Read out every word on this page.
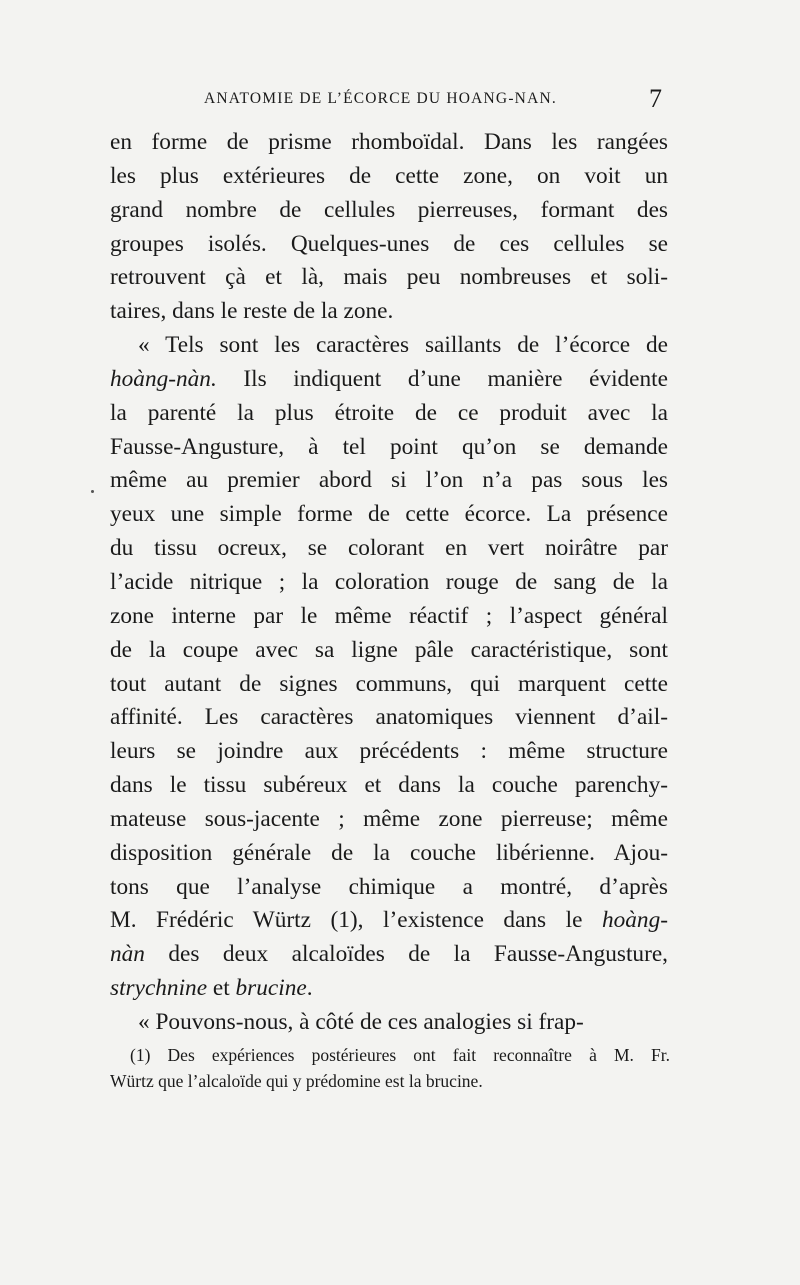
ANATOMIE DE L’ÉCORCE DU HOANG-NAN.	7
en forme de prisme rhomboïdal. Dans les rangées
les plus extérieures de cette zone, on voit un
grand nombre de cellules pierreuses, formant des
groupes isolés. Quelques-unes de ces cellules se
retrouvent çà et là, mais peu nombreuses et soli-
taires, dans le reste de la zone.
« Tels sont les caractères saillants de l’écorce de
hoàng-nàn. Ils indiquent d’une manière évidente
la parenté la plus étroite de ce produit avec la
Fausse-Angusture, à tel point qu’on se demande
même au premier abord si l’on n’a pas sous les
yeux une simple forme de cette écorce. La présence
du tissu ocreux, se colorant en vert noirâtre par
l’acide nitrique ; la coloration rouge de sang de la
zone interne par le même réactif ; l’aspect général
de la coupe avec sa ligne pâle caractéristique, sont
tout autant de signes communs, qui marquent cette
affinité. Les caractères anatomiques viennent d’ail-
leurs se joindre aux précédents : même structure
dans le tissu subéreux et dans la couche parenchy-
mateuse sous-jacente ; même zone pierreuse; même
disposition générale de la couche libérienne. Ajou-
tons que l’analyse chimique a montré, d’après
M. Frédéric Würtz (1), l’existence dans le hoàng-
nàn des deux alcaloïdes de la Fausse-Angusture,
strychnine et brucine.
« Pouvons-nous, à côté de ces analogies si frap-
(1) Des expériences postérieures ont fait reconnaître à M. Fr.
Würtz que l’alcaloïde qui y prédomine est la brucine.
